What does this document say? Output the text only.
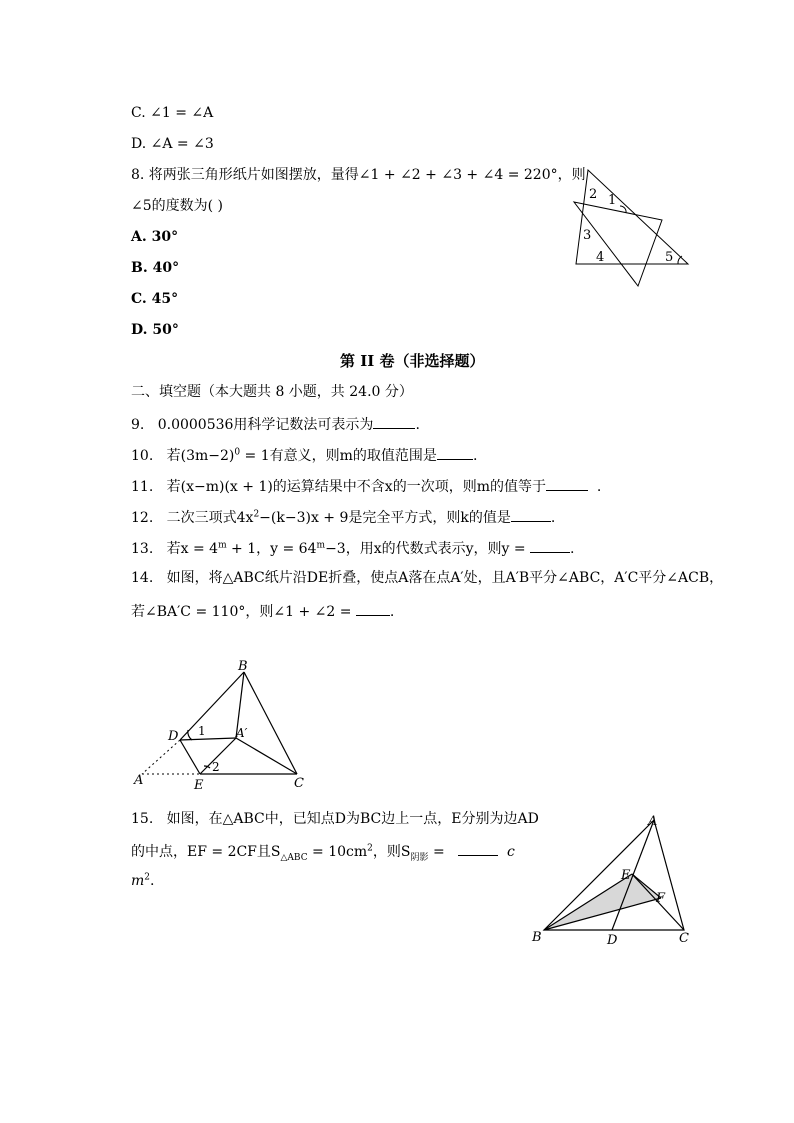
C. ∠1 = ∠A
D. ∠A = ∠3
8. 将两张三角形纸片如图摆放，量得∠1 + ∠2 + ∠3 + ∠4 = 220°，则
∠5的度数为( )
A. 30°
B. 40°
C. 45°
D. 50°
2 1
3
4	5
第 II 卷（非选择题）
二、填空题（本大题共 8 小题，共 24.0 分）
9. 0.0000536用科学记数法可表示为	.
10. 若$(3m-2)^0 = 1$有意义，则m的取值范围是	.
11. 若(x−m)(x + 1)的运算结果中不含x的一次项，则m的值等于	.
12. 二次三项式$4x^2-(k-3)x + 9$是完全平方式，则k的值是	.
13. 若$x = 4^m + 1$，$y = 64^m-3$，用x的代数式表示y，则y =	.
14. 如图，将△ABC纸片沿DE折叠，使点A落在点A′处，且A′B平分∠ABC，A′C平分∠ACB，
若∠BA′C = 110°，则∠1 + ∠2 = .
B
D 1	A′
A	E
2
C
15. 如图，在△ABC中，已知点D为BC边上一点，E分别为边AD
的中点，EF = 2CF且$S_{\triangle ABC} = 10cm^2$，则$S_{阴影}$ =	c
$m^2$.
A
E
F
B	D	C
